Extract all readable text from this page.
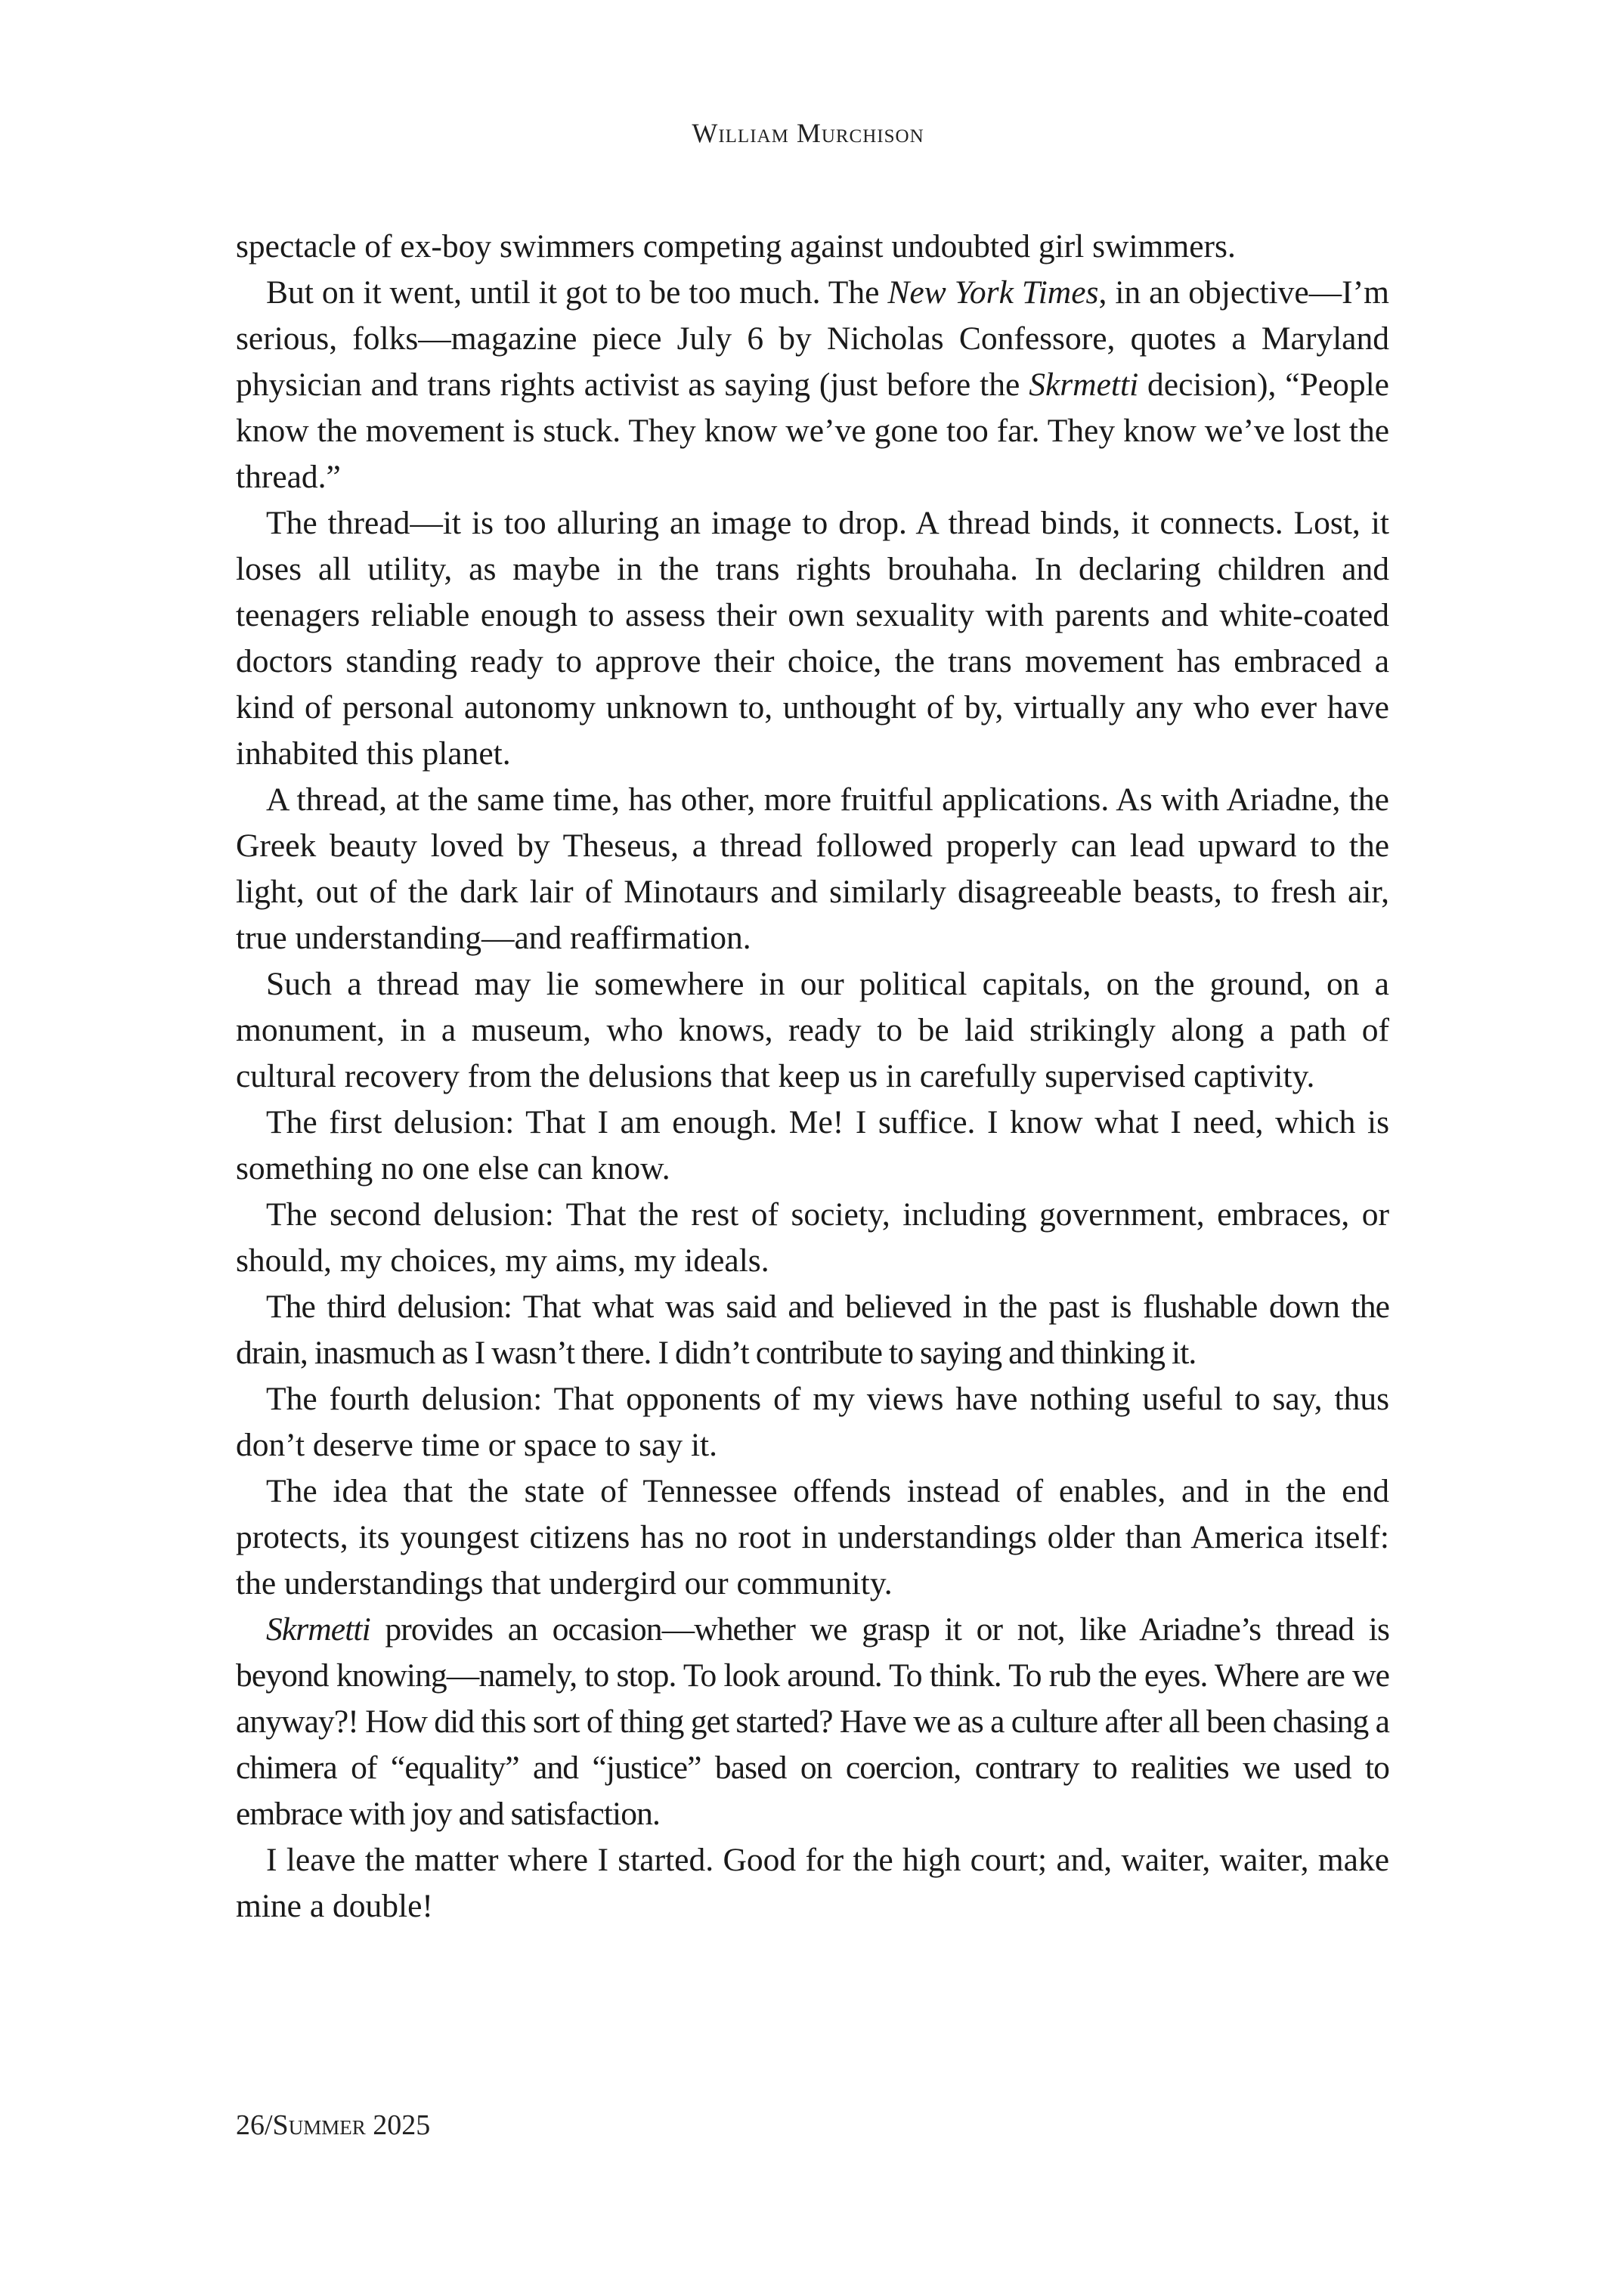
William Murchison

spectacle of ex-boy swimmers competing against undoubted girl swimmers.

But on it went, until it got to be too much. The New York Times, in an objective—I’m serious, folks—magazine piece July 6 by Nicholas Confessore, quotes a Maryland physician and trans rights activist as saying (just before the Skrmetti decision), “People know the movement is stuck. They know we’ve gone too far. They know we’ve lost the thread.”

The thread—it is too alluring an image to drop. A thread binds, it connects. Lost, it loses all utility, as maybe in the trans rights brouhaha. In declaring children and teenagers reliable enough to assess their own sexuality with parents and white-coated doctors standing ready to approve their choice, the trans movement has embraced a kind of personal autonomy unknown to, unthought of by, virtually any who ever have inhabited this planet.

A thread, at the same time, has other, more fruitful applications. As with Ariadne, the Greek beauty loved by Theseus, a thread followed properly can lead upward to the light, out of the dark lair of Minotaurs and similarly disagreeable beasts, to fresh air, true understanding—and reaffirmation.

Such a thread may lie somewhere in our political capitals, on the ground, on a monument, in a museum, who knows, ready to be laid strikingly along a path of cultural recovery from the delusions that keep us in carefully supervised captivity.

The first delusion: That I am enough. Me! I suffice. I know what I need, which is something no one else can know.

The second delusion: That the rest of society, including government, embraces, or should, my choices, my aims, my ideals.

The third delusion: That what was said and believed in the past is flushable down the drain, inasmuch as I wasn’t there. I didn’t contribute to saying and thinking it.

The fourth delusion: That opponents of my views have nothing useful to say, thus don’t deserve time or space to say it.

The idea that the state of Tennessee offends instead of enables, and in the end protects, its youngest citizens has no root in understandings older than America itself: the understandings that undergird our community.

Skrmetti provides an occasion—whether we grasp it or not, like Ariadne’s thread is beyond knowing—namely, to stop. To look around. To think. To rub the eyes. Where are we anyway?! How did this sort of thing get started? Have we as a culture after all been chasing a chimera of “equality” and “justice” based on coercion, contrary to realities we used to embrace with joy and satisfaction.

I leave the matter where I started. Good for the high court; and, waiter, waiter, make mine a double!

26/Summer 2025
